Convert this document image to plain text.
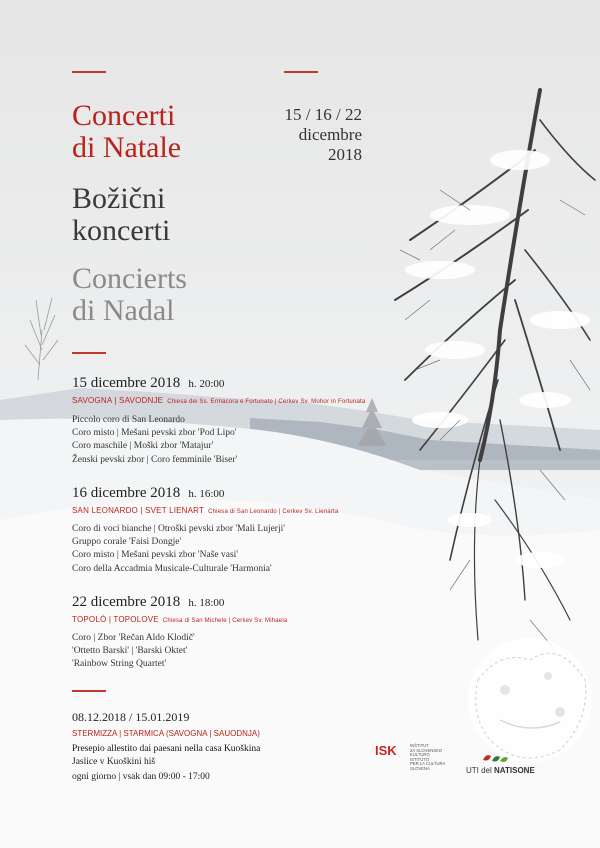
Concerti
di Natale
Božični
koncerti
Concierts
di Nadal
15 / 16 / 22
dicembre
2018
15 dicembre 2018 h. 20:00
SAVOGNA | SAVODNJE Chiesa dei Ss. Ermacora e Fortunato | Cerkev Sv. Mohor in Fortunata
Piccolo coro di San Leonardo
Coro misto | Mešani pevski zbor 'Pod Lipo'
Coro maschile | Moški zbor 'Matajur'
Ženski pevski zbor | Coro femminile 'Biser'
16 dicembre 2018 h. 16:00
SAN LEONARDO | SVET LIENART Chiesa di San Leonardo | Cerkev Sv. Lienarta
Coro di voci bianche | Otroški pevski zbor 'Mali Lujerji'
Gruppo corale 'Faisi Dongje'
Coro misto | Mešani pevski zbor 'Naše vasi'
Coro della Accadmia Musicale-Culturale 'Harmonia'
22 dicembre 2018 h. 18:00
TOPOLÒ | TOPOLOVE Chiesa di San Michele | Cerkev Sv. Mihaela
Coro | Zbor 'Rečan Aldo Klodič'
'Ottetto Barski' | 'Barski Oktet'
'Rainbow String Quartet'
08.12.2018 / 15.01.2019
STERMIZZA | STARMICA (SAVOGNA | SAUODNJA)
Presepio allestito dai paesani nella casa Kuoškina
Jaslice v Kuoškini hiš
ogni giorno | vsak dan 09:00 - 17:00
ISK	INŠTITUT
ZA SLOVENSKO
KULTURO
ISTITUTO
PER LA CULTURA
SLOVENA	UTI del NATISONE
